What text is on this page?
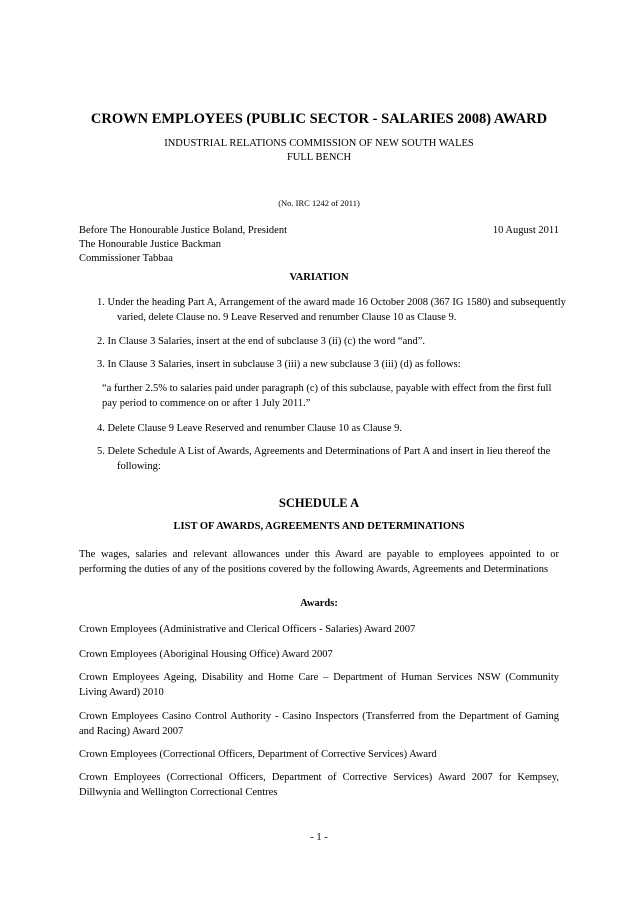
CROWN EMPLOYEES (PUBLIC SECTOR - SALARIES 2008) AWARD
INDUSTRIAL RELATIONS COMMISSION OF NEW SOUTH WALES
FULL BENCH
(No. IRC 1242 of 2011)
Before The Honourable Justice Boland, President	10 August 2011
The Honourable Justice Backman
Commissioner Tabbaa
VARIATION
1. Under the heading Part A, Arrangement of the award made 16 October 2008 (367 IG 1580) and subsequently varied, delete Clause no. 9 Leave Reserved and renumber Clause 10 as Clause 9.
2. In Clause 3 Salaries, insert at the end of subclause 3 (ii) (c) the word “and”.
3. In Clause 3 Salaries, insert in subclause 3 (iii) a new subclause 3 (iii) (d) as follows:
“a further 2.5% to salaries paid under paragraph (c) of this subclause, payable with effect from the first full pay period to commence on or after 1 July 2011.”
4. Delete Clause 9 Leave Reserved and renumber Clause 10 as Clause 9.
5. Delete Schedule A List of Awards, Agreements and Determinations of Part A and insert in lieu thereof the following:
SCHEDULE A
LIST OF AWARDS, AGREEMENTS AND DETERMINATIONS
The wages, salaries and relevant allowances under this Award are payable to employees appointed to or performing the duties of any of the positions covered by the following Awards, Agreements and Determinations
Awards:
Crown Employees (Administrative and Clerical Officers - Salaries) Award 2007
Crown Employees (Aboriginal Housing Office) Award 2007
Crown Employees Ageing, Disability and Home Care – Department of Human Services NSW (Community Living Award) 2010
Crown Employees Casino Control Authority - Casino Inspectors (Transferred from the Department of Gaming and Racing) Award 2007
Crown Employees (Correctional Officers, Department of Corrective Services) Award
Crown Employees (Correctional Officers, Department of Corrective Services) Award 2007 for Kempsey, Dillwynia and Wellington Correctional Centres
- 1 -
